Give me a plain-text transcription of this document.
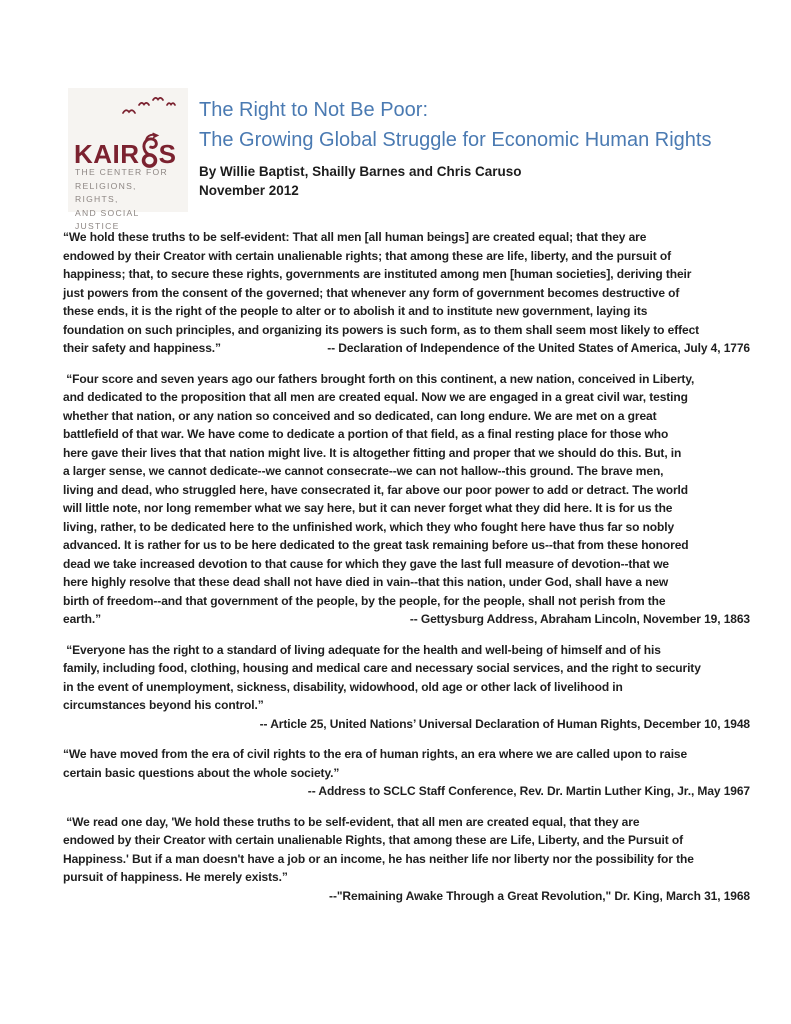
KAIR S
THE CENTER FOR
RELIGIONS, RIGHTS,
AND SOCIAL JUSTICE
The Right to Not Be Poor:
The Growing Global Struggle for Economic Human Rights
By Willie Baptist, Shailly Barnes and Chris Caruso
November 2012
“We hold these truths to be self-evident: That all men [all human beings] are created equal; that they are
endowed by their Creator with certain unalienable rights; that among these are life, liberty, and the pursuit of
happiness; that, to secure these rights, governments are instituted among men [human societies], deriving their
just powers from the consent of the governed; that whenever any form of government becomes destructive of
these ends, it is the right of the people to alter or to abolish it and to institute new government, laying its
foundation on such principles, and organizing its powers is such form, as to them shall seem most likely to effect
their safety and happiness.”	-- Declaration of Independence of the United States of America, July 4, 1776
“Four score and seven years ago our fathers brought forth on this continent, a new nation, conceived in Liberty,
and dedicated to the proposition that all men are created equal. Now we are engaged in a great civil war, testing
whether that nation, or any nation so conceived and so dedicated, can long endure. We are met on a great
battlefield of that war. We have come to dedicate a portion of that field, as a final resting place for those who
here gave their lives that that nation might live. It is altogether fitting and proper that we should do this. But, in
a larger sense, we cannot dedicate--we cannot consecrate--we can not hallow--this ground. The brave men,
living and dead, who struggled here, have consecrated it, far above our poor power to add or detract. The world
will little note, nor long remember what we say here, but it can never forget what they did here. It is for us the
living, rather, to be dedicated here to the unfinished work, which they who fought here have thus far so nobly
advanced. It is rather for us to be here dedicated to the great task remaining before us--that from these honored
dead we take increased devotion to that cause for which they gave the last full measure of devotion--that we
here highly resolve that these dead shall not have died in vain--that this nation, under God, shall have a new
birth of freedom--and that government of the people, by the people, for the people, shall not perish from the
earth.”	-- Gettysburg Address, Abraham Lincoln, November 19, 1863
“Everyone has the right to a standard of living adequate for the health and well-being of himself and of his
family, including food, clothing, housing and medical care and necessary social services, and the right to security
in the event of unemployment, sickness, disability, widowhood, old age or other lack of livelihood in
circumstances beyond his control.”
-- Article 25, United Nations’ Universal Declaration of Human Rights, December 10, 1948
“We have moved from the era of civil rights to the era of human rights, an era where we are called upon to raise
certain basic questions about the whole society.”
-- Address to SCLC Staff Conference, Rev. Dr. Martin Luther King, Jr., May 1967
“We read one day, 'We hold these truths to be self-evident, that all men are created equal, that they are
endowed by their Creator with certain unalienable Rights, that among these are Life, Liberty, and the Pursuit of
Happiness.' But if a man doesn't have a job or an income, he has neither life nor liberty nor the possibility for the
pursuit of happiness. He merely exists.”
--"Remaining Awake Through a Great Revolution," Dr. King, March 31, 1968
